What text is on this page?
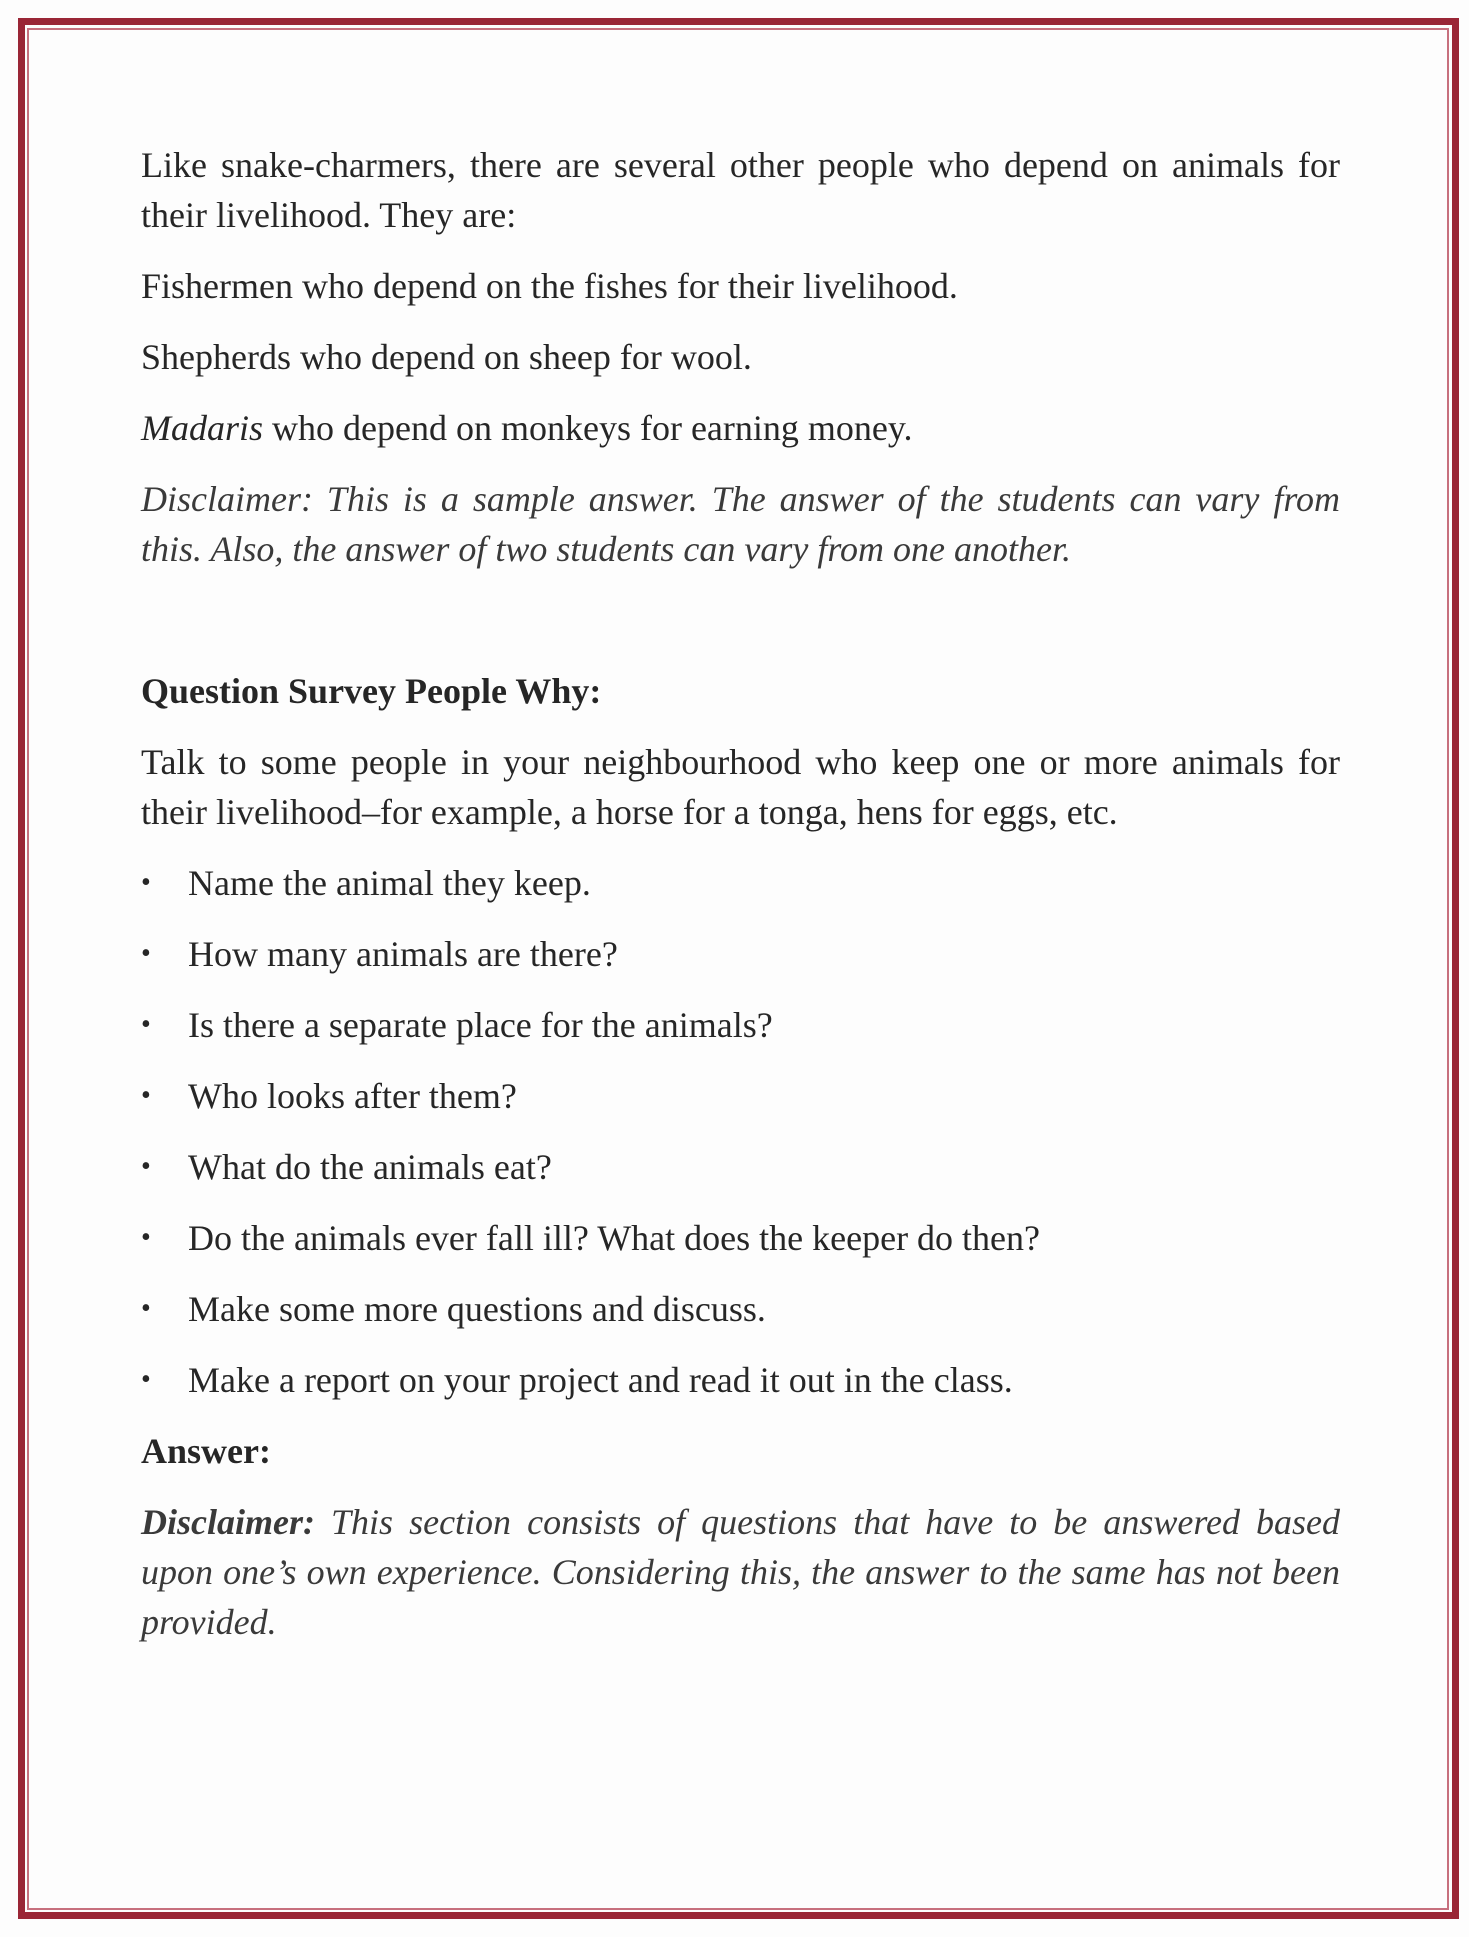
Like snake-charmers, there are several other people who depend on animals for their livelihood. They are:

Fishermen who depend on the fishes for their livelihood.

Shepherds who depend on sheep for wool.

Madaris who depend on monkeys for earning money.

Disclaimer: This is a sample answer. The answer of the students can vary from this. Also, the answer of two students can vary from one another.

Question Survey People Why:

Talk to some people in your neighbourhood who keep one or more animals for their livelihood–for example, a horse for a tonga, hens for eggs, etc.

• Name the animal they keep.
• How many animals are there?
• Is there a separate place for the animals?
• Who looks after them?
• What do the animals eat?
• Do the animals ever fall ill? What does the keeper do then?
• Make some more questions and discuss.
• Make a report on your project and read it out in the class.

Answer:

Disclaimer: This section consists of questions that have to be answered based upon one’s own experience. Considering this, the answer to the same has not been provided.
